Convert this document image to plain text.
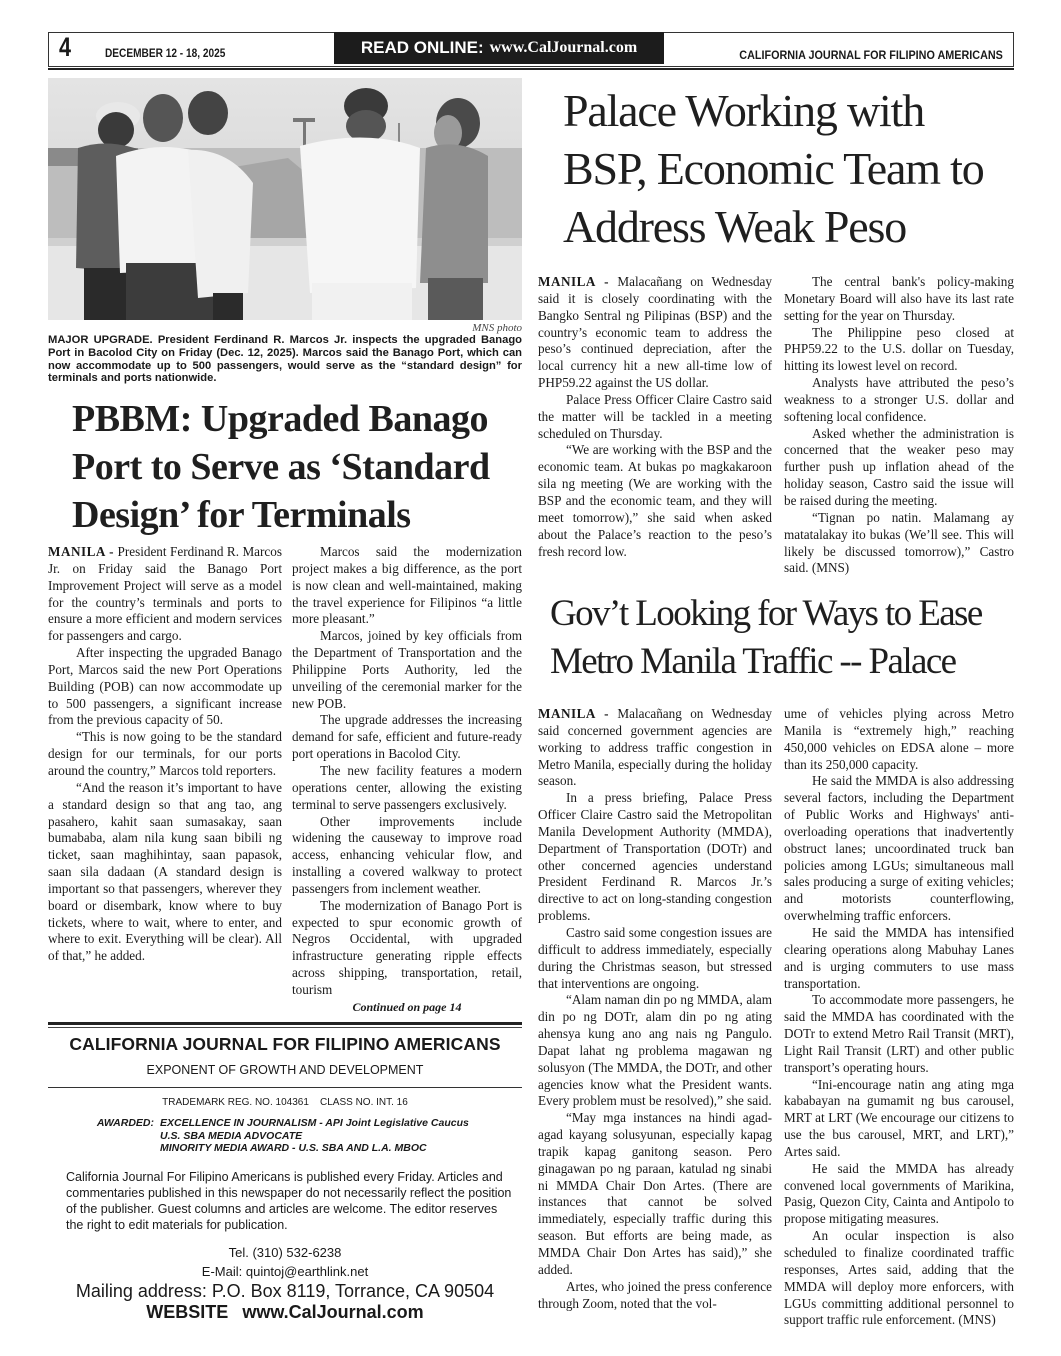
4	DECEMBER 12 - 18, 2025	READ ONLINE: www.CalJournal.com	CALIFORNIA JOURNAL FOR FILIPINO AMERICANS
MNS photo
MAJOR UPGRADE. President Ferdinand R. Marcos Jr. inspects the upgraded Banago Port in Bacolod City on Friday (Dec. 12, 2025). Marcos said the Banago Port, which can now accommodate up to 500 passengers, would serve as the “standard design” for terminals and ports nationwide.
PBBM: Upgraded Banago Port to Serve as ‘Standard Design’ for Terminals

MANILA - President Ferdinand R. Marcos Jr. on Friday said the Banago Port Improvement Project will serve as a model for the country’s terminals and ports to ensure a more efficient and modern services for passengers and cargo.

After inspecting the upgraded Banago Port, Marcos said the new Port Operations Building (POB) can now accommodate up to 500 passengers, a significant increase from the previous capacity of 50.

“This is now going to be the standard design for our terminals, for our ports around the country,” Marcos told reporters.

“And the reason it’s important to have a standard design so that ang tao, ang pasahero, kahit saan sumasakay, saan bumababa, alam nila kung saan bibili ng ticket, saan maghihintay, saan papasok, saan sila dadaan (A standard design is important so that passengers, wherever they board or disembark, know where to buy tickets, where to wait, where to enter, and where to exit. Everything will be clear). All of that,” he added.

Marcos said the modernization project makes a big difference, as the port is now clean and well-maintained, making the travel experience for Filipinos “a little more pleasant.”

Marcos, joined by key officials from the Department of Transportation and the Philippine Ports Authority, led the unveiling of the ceremonial marker for the new POB.

The upgrade addresses the increasing demand for safe, efficient and future-ready port operations in Bacolod City.

The new facility features a modern operations center, allowing the existing terminal to serve passengers exclusively.

Other improvements include widening the causeway to improve road access, enhancing vehicular flow, and installing a covered walkway to protect passengers from inclement weather.

The modernization of Banago Port is expected to spur economic growth of Negros Occidental, with upgraded infrastructure generating ripple effects across shipping, transportation, retail, tourism

Continued on page 14

Palace Working with BSP, Economic Team to Address Weak Peso

MANILA - Malacañang on Wednesday said it is closely coordinating with the Bangko Sentral ng Pilipinas (BSP) and the country’s economic team to address the peso’s continued depreciation, after the local currency hit a new all-time low of PHP59.22 against the US dollar.

Palace Press Officer Claire Castro said the matter will be tackled in a meeting scheduled on Thursday.

“We are working with the BSP and the economic team. At bukas po magkakaroon sila ng meeting (We are working with the BSP and the economic team, and they will meet tomorrow),” she said when asked about the Palace’s reaction to the peso’s fresh record low.

The central bank's policy-making Monetary Board will also have its last rate setting for the year on Thursday.

The Philippine peso closed at PHP59.22 to the U.S. dollar on Tuesday, hitting its lowest level on record.

Analysts have attributed the peso’s weakness to a stronger U.S. dollar and softening local confidence.

Asked whether the administration is concerned that the weaker peso may further push up inflation ahead of the holiday season, Castro said the issue will be raised during the meeting.

“Tignan po natin. Malamang ay matatalakay ito bukas (We’ll see. This will likely be discussed tomorrow),” Castro said. (MNS)

Gov’t Looking for Ways to Ease Metro Manila Traffic -- Palace

MANILA - Malacañang on Wednesday said concerned government agencies are working to address traffic congestion in Metro Manila, especially during the holiday season.

In a press briefing, Palace Press Officer Claire Castro said the Metropolitan Manila Development Authority (MMDA), Department of Transportation (DOTr) and other concerned agencies understand President Ferdinand R. Marcos Jr.’s directive to act on long-standing congestion problems.

Castro said some congestion issues are difficult to address immediately, especially during the Christmas season, but stressed that interventions are ongoing.

“Alam naman din po ng MMDA, alam din po ng DOTr, alam din po ng ating ahensya kung ano ang nais ng Pangulo. Dapat lahat ng problema magawan ng solusyon (The MMDA, the DOTr, and other agencies know what the President wants. Every problem must be resolved),” she said.

“May mga instances na hindi agad-agad kayang solusyunan, especially kapag trapik kapag ganitong season. Pero ginagawan po ng paraan, katulad ng sinabi ni MMDA Chair Don Artes. (There are instances that cannot be solved immediately, especially traffic during this season. But efforts are being made, as MMDA Chair Don Artes has said),” she added.

Artes, who joined the press conference through Zoom, noted that the vol-

ume of vehicles plying across Metro Manila is “extremely high,” reaching 450,000 vehicles on EDSA alone – more than its 250,000 capacity.

He said the MMDA is also addressing several factors, including the Department of Public Works and Highways' anti-overloading operations that inadvertently obstruct lanes; uncoordinated truck ban policies among LGUs; simultaneous mall sales producing a surge of exiting vehicles; and motorists counterflowing, overwhelming traffic enforcers.

He said the MMDA has intensified clearing operations along Mabuhay Lanes and is urging commuters to use mass transportation.

To accommodate more passengers, he said the MMDA has coordinated with the DOTr to extend Metro Rail Transit (MRT), Light Rail Transit (LRT) and other public transport’s operating hours.

“Ini-encourage natin ang ating mga kababayan na gumamit ng bus carousel, MRT at LRT (We encourage our citizens to use the bus carousel, MRT, and LRT),” Artes said.

He said the MMDA has already convened local governments of Marikina, Pasig, Quezon City, Cainta and Antipolo to propose mitigating measures.

An ocular inspection is also scheduled to finalize coordinated traffic responses, Artes said, adding that the MMDA will deploy more enforcers, with LGUs committing additional personnel to support traffic rule enforcement. (MNS)

CALIFORNIA JOURNAL FOR FILIPINO AMERICANS
EXPONENT OF GROWTH AND DEVELOPMENT
TRADEMARK REG. NO. 104361    CLASS NO. INT. 16
AWARDED: EXCELLENCE IN JOURNALISM - API Joint Legislative Caucus
U.S. SBA MEDIA ADVOCATE
MINORITY MEDIA AWARD - U.S. SBA AND L.A. MBOC
California Journal For Filipino Americans is published every Friday. Articles and commentaries published in this newspaper do not necessarily reflect the position of the publisher. Guest columns and articles are welcome. The editor reserves the right to edit materials for publication.
Tel. (310) 532-6238
E-Mail: quintoj@earthlink.net
Mailing address: P.O. Box 8119, Torrance, CA 90504
WEBSITE www.CalJournal.com
